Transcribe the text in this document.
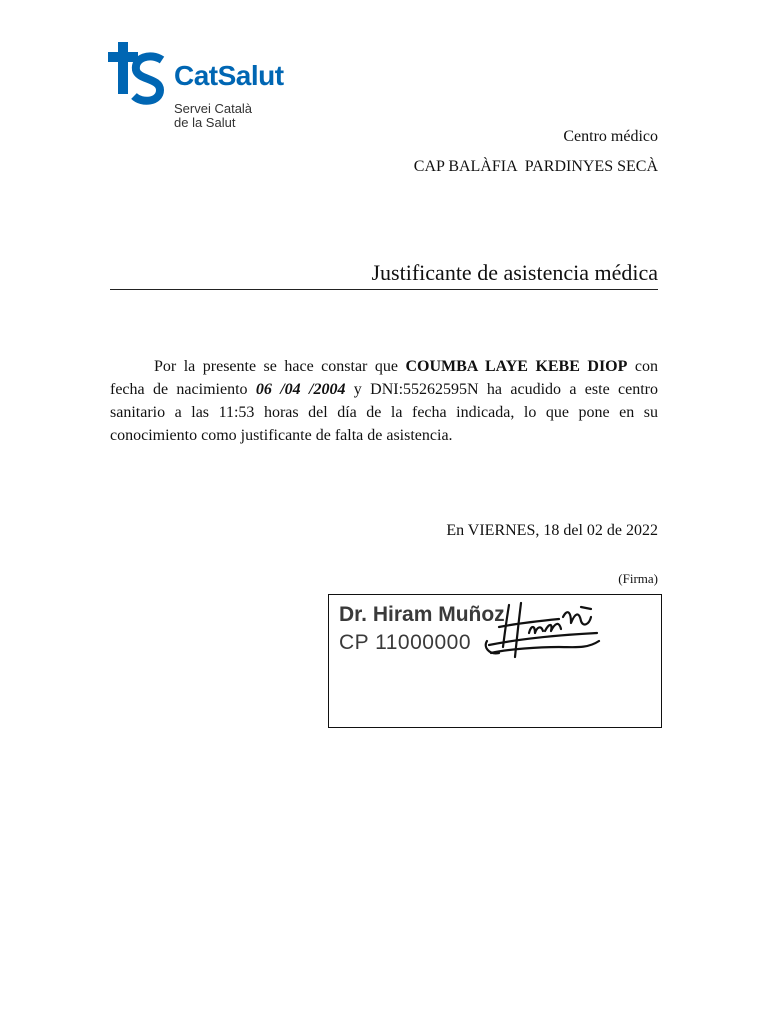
CatSalut
Servei Català
de la Salut
Centro médico
CAP BALÀFIA  PARDINYES SECÀ
Justificante de asistencia médica
Por la presente se hace constar que COUMBA LAYE KEBE DIOP con fecha de nacimiento 06 /04 /2004 y DNI:55262595N ha acudido a este centro sanitario a las 11:53 horas del día de la fecha indicada, lo que pone en su conocimiento como justificante de falta de asistencia.
En VIERNES, 18 del 02 de 2022
(Firma)
Dr. Hiram Muñoz
CP 11000000
